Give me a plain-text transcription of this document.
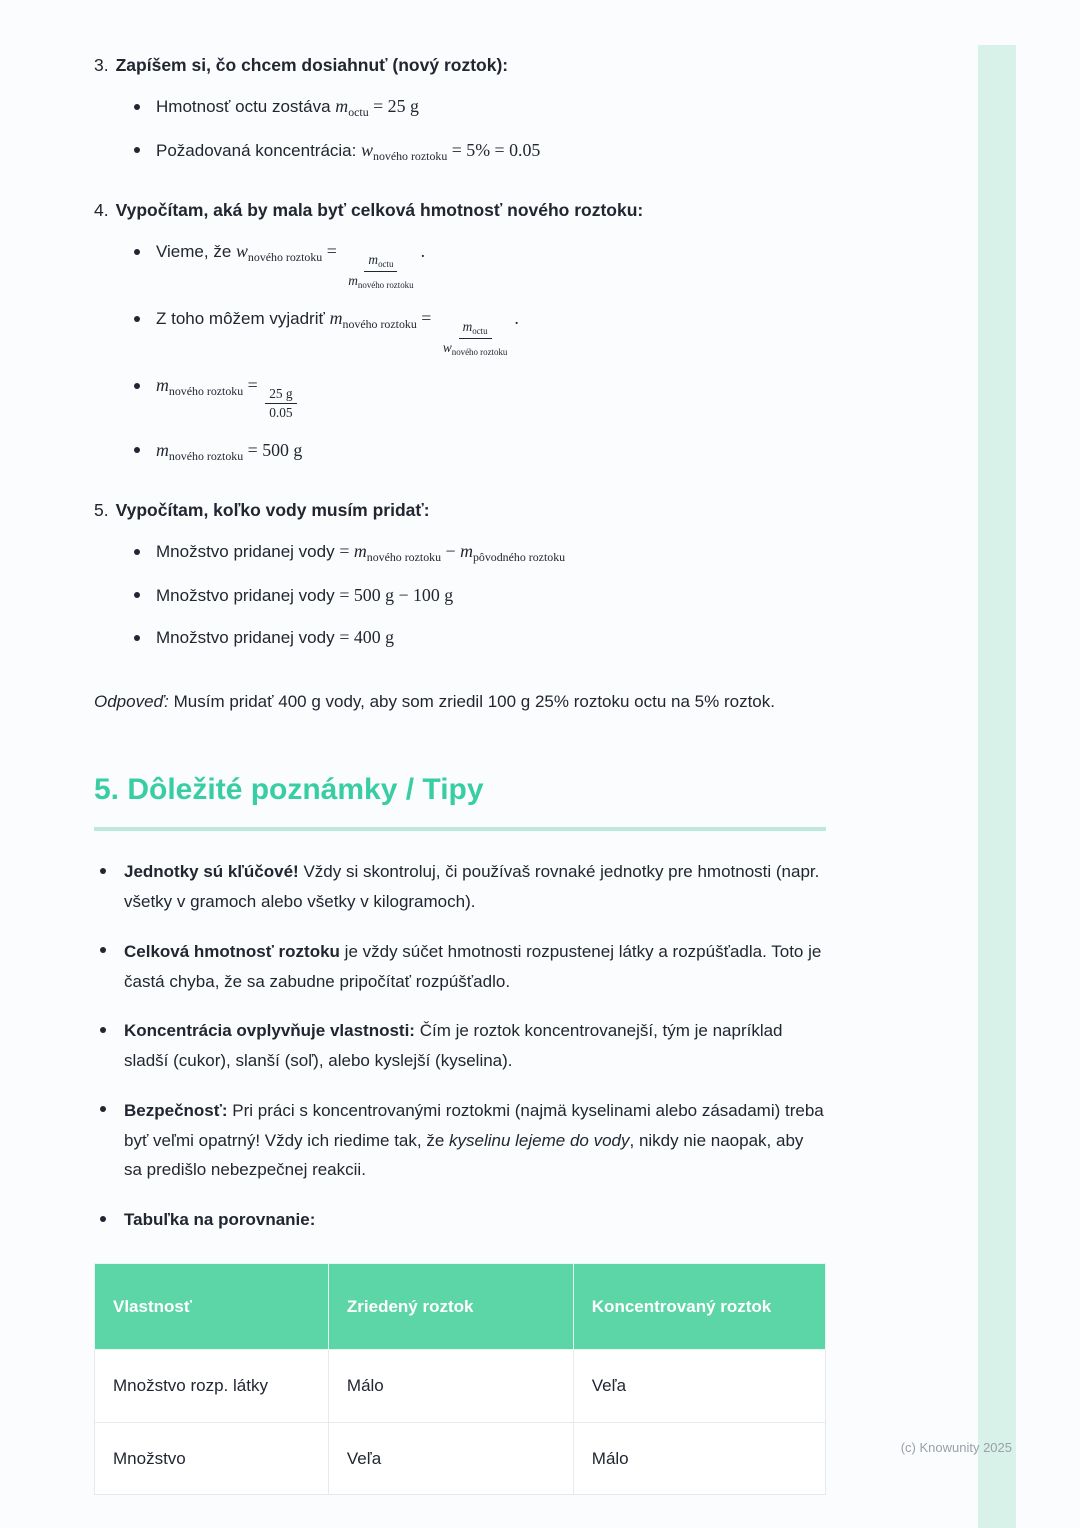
(c) Knowunity 2025
3. Zapíšem si, čo chcem dosiahnuť (nový roztok):
Hmotnosť octu zostáva $m_{octu} = 25$ g
Požadovaná koncentrácia: $w_{nového roztoku} = 5\% = 0.05$
4. Vypočítam, aká by mala byť celková hmotnosť nového roztoku:
Vieme, že $w_{nového roztoku}$ =
$\frac{m_{octu}}{m_{nového roztoku}}$
.
Z toho môžem vyjadriť $m_{nového roztoku}$ =
$\frac{m_{octu}}{w_{nového roztoku}}$
.
$m_{nového roztoku}$ =
$\frac{25 g}{0.05}$
$m_{nového roztoku} = 500$ g
5. Vypočítam, koľko vody musím pridať:
Množstvo pridanej vody = $m_{nového roztoku} - m_{pôvodného roztoku}$
Množstvo pridanej vody = 500 g − 100 g
Množstvo pridanej vody = 400 g

Odpoveď: Musím pridať 400 g vody, aby som zriedil 100 g 25% roztoku octu na 5% roztok.

5. Dôležité poznámky / Tipy
Jednotky sú kľúčové! Vždy si skontroluj, či používaš rovnaké jednotky pre hmotnosti (napr. všetky v gramoch alebo všetky v kilogramoch).
Celková hmotnosť roztoku je vždy súčet hmotnosti rozpustenej látky a rozpúšťadla. Toto je častá chyba, že sa zabudne pripočítať rozpúšťadlo.
Koncentrácia ovplyvňuje vlastnosti: Čím je roztok koncentrovanejší, tým je napríklad sladší (cukor), slanší (soľ), alebo kyslejší (kyselina).
Bezpečnosť: Pri práci s koncentrovanými roztokmi (najmä kyselinami alebo zásadami) treba byť veľmi opatrný! Vždy ich riedime tak, že kyselinu lejeme do vody, nikdy nie naopak, aby sa predišlo nebezpečnej reakcii.
Tabuľka na porovnanie:
Vlastnosť	Zriedený roztok	Koncentrovaný roztok
Množstvo rozp. látky	Málo	Veľa
Množstvo	Veľa	Málo
